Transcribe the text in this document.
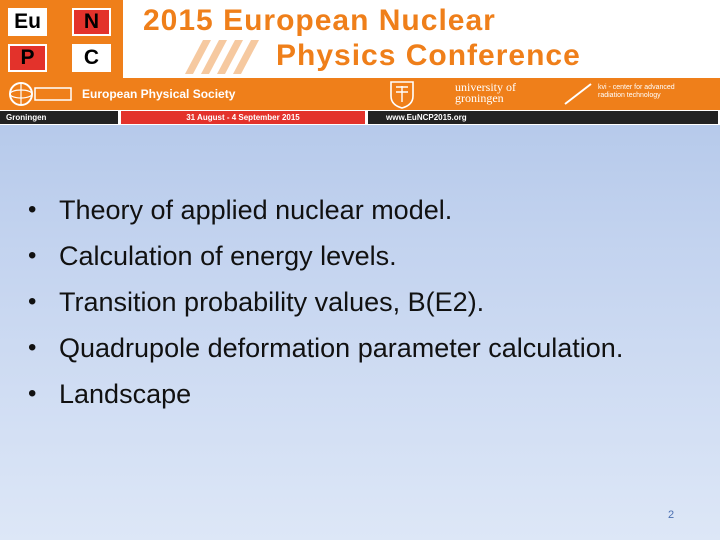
Eu	N
P	C
2015 European Nuclear
Physics Conference
European Physical Society	university of
groningen
kvi - center for advanced
radiation technology
Groningen	31 August - 4 September 2015	www.EuNCP2015.org
• Theory of applied nuclear model.
• Calculation of energy levels.
• Transition probability values, B(E2).
• Quadrupole deformation parameter calculation.
• Landscape
2
